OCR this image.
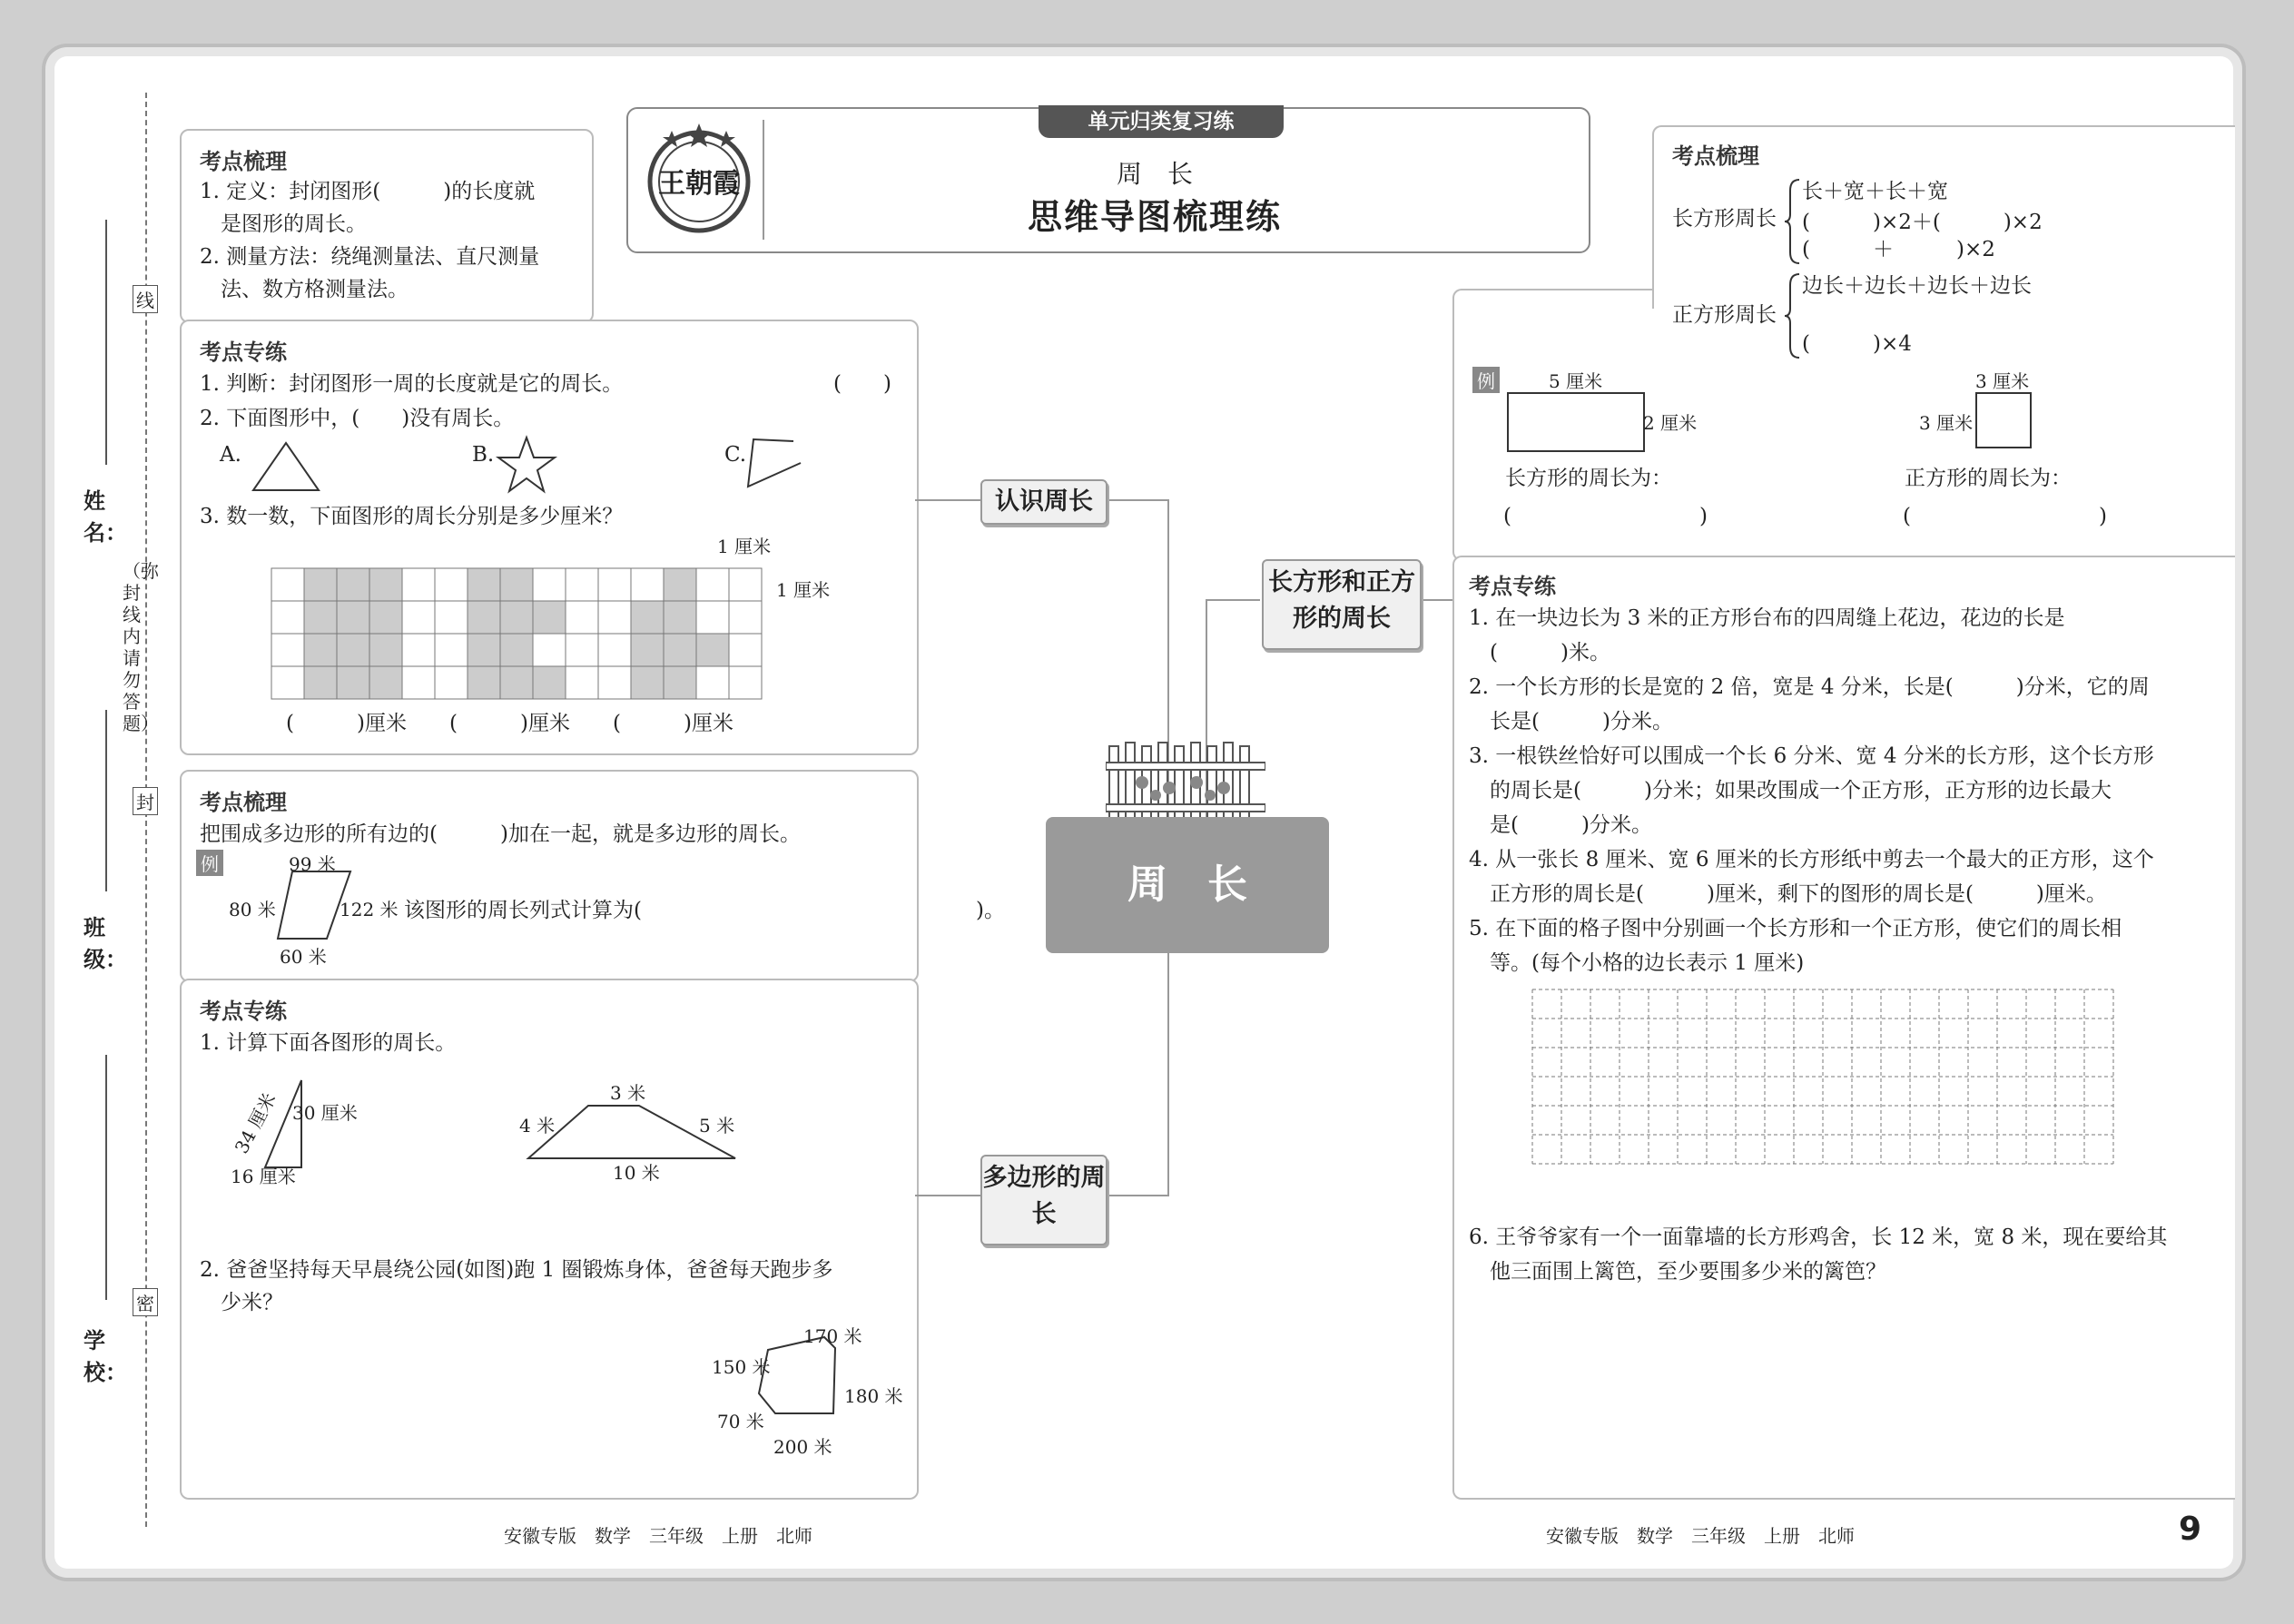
姓名：
班级：
学校：
线
封
密
（弥封线内请勿答题）
王朝霞
单元归类复习练
周　长
思维导图梳理练
考点梳理
1. 定义：封闭图形(　　　)的长度就
　是图形的周长。
2. 测量方法：绕绳测量法、直尺测量
　法、数方格测量法。
考点专练
1. 判断：封闭图形一周的长度就是它的周长。	(　　)
2. 下面图形中，(　　)没有周长。
A.	B.	C.
3. 数一数，下面图形的周长分别是多少厘米？
1 厘米
1 厘米
(　　　)厘米 (　　　)厘米 (　　　)厘米
考点梳理
把围成多边形的所有边的(　　　)加在一起，就是多边形的周长。
例	99 米
80 米	122 米
60 米
该图形的周长列式计算为(　　　　　　　　　　　　　　　　)。
考点专练
1. 计算下面各图形的周长。
34 厘米 30 厘米
16 厘米
3 米
4 米	5 米
10 米
2. 爸爸坚持每天早晨绕公园(如图)跑 1 圈锻炼身体，爸爸每天跑步多
　少米？
170 米
150 米
180 米
70 米
200 米
认识周长
多边形的周长
长方形和正方形的周长
周　长
考点梳理
长方形周长
长＋宽＋长＋宽
(　　　)×2＋(　　　)×2
(　　　＋　　　)×2
正方形周长
边长＋边长＋边长＋边长
(　　　)×4
例	5 厘米
2 厘米
3 厘米
3 厘米
长方形的周长为：	正方形的周长为：
(　　　　　　　　　)	(　　　　　　　　　)
考点专练
1. 在一块边长为 3 米的正方形台布的四周缝上花边，花边的长是
　(　　　)米。
2. 一个长方形的长是宽的 2 倍，宽是 4 分米，长是(　　　)分米，它的周
　长是(　　　)分米。
3. 一根铁丝恰好可以围成一个长 6 分米、宽 4 分米的长方形，这个长方形
　的周长是(　　　)分米；如果改围成一个正方形，正方形的边长最大
　是(　　　)分米。
4. 从一张长 8 厘米、宽 6 厘米的长方形纸中剪去一个最大的正方形，这个
　正方形的周长是(　　　)厘米，剩下的图形的周长是(　　　)厘米。
5. 在下面的格子图中分别画一个长方形和一个正方形，使它们的周长相
　等。(每个小格的边长表示 1 厘米)
6. 王爷爷家有一个一面靠墙的长方形鸡舍，长 12 米，宽 8 米，现在要给其
　他三面围上篱笆，至少要围多少米的篱笆？
安徽专版　数学　三年级　上册　北师	安徽专版　数学　三年级　上册　北师	9
